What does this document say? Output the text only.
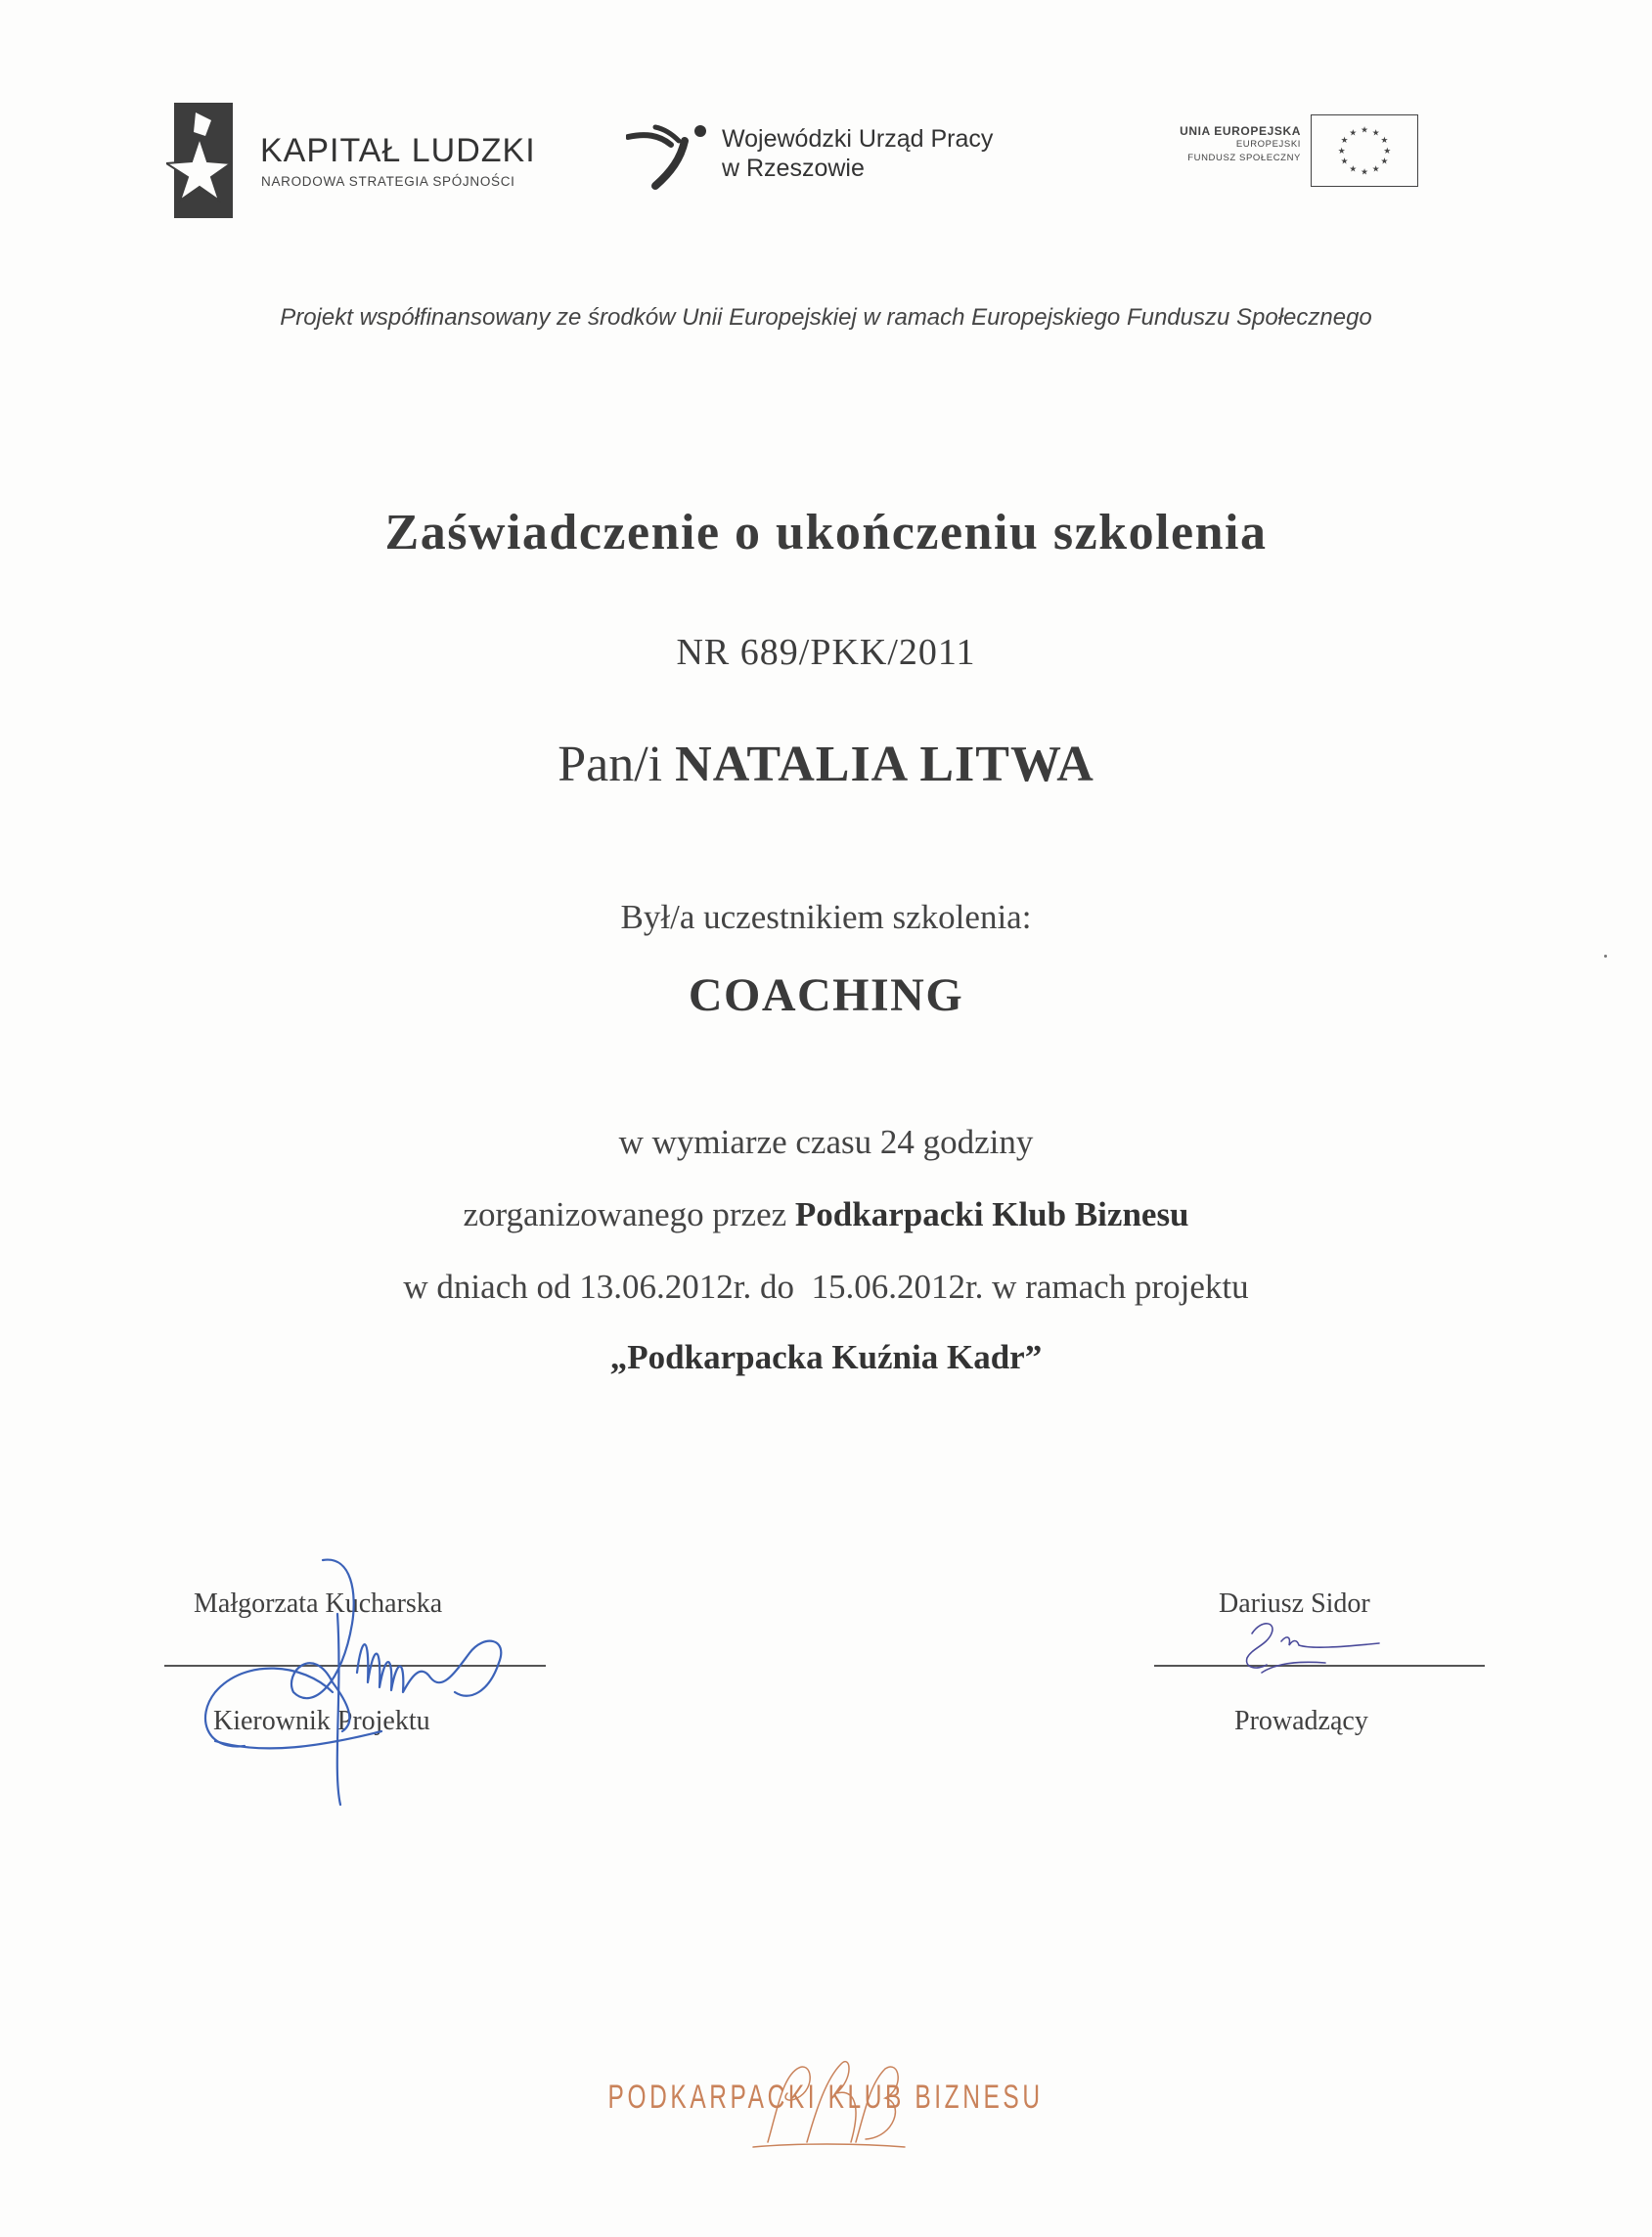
KAPITAŁ LUDZKI
NARODOWA STRATEGIA SPÓJNOŚCI
Wojewódzki Urząd Pracy
w Rzeszowie
UNIA EUROPEJSKA
EUROPEJSKI
FUNDUSZ SPOŁECZNY
★ ★
★
★
★
★
★
★
★
★
★
★
Projekt współfinansowany ze środków Unii Europejskiej w ramach Europejskiego Funduszu Społecznego
Zaświadczenie o ukończeniu szkolenia
NR 689/PKK/2011
Pan/i NATALIA LITWA
Był/a uczestnikiem szkolenia:
COACHING
w wymiarze czasu 24 godziny
zorganizowanego przez Podkarpacki Klub Biznesu
w dniach od 13.06.2012r. do  15.06.2012r. w ramach projektu
„Podkarpacka Kuźnia Kadr”
Małgorzata Kucharska
Kierownik Projektu
Dariusz Sidor
Prowadzący
PODKARPACKI KLUB BIZNESU
